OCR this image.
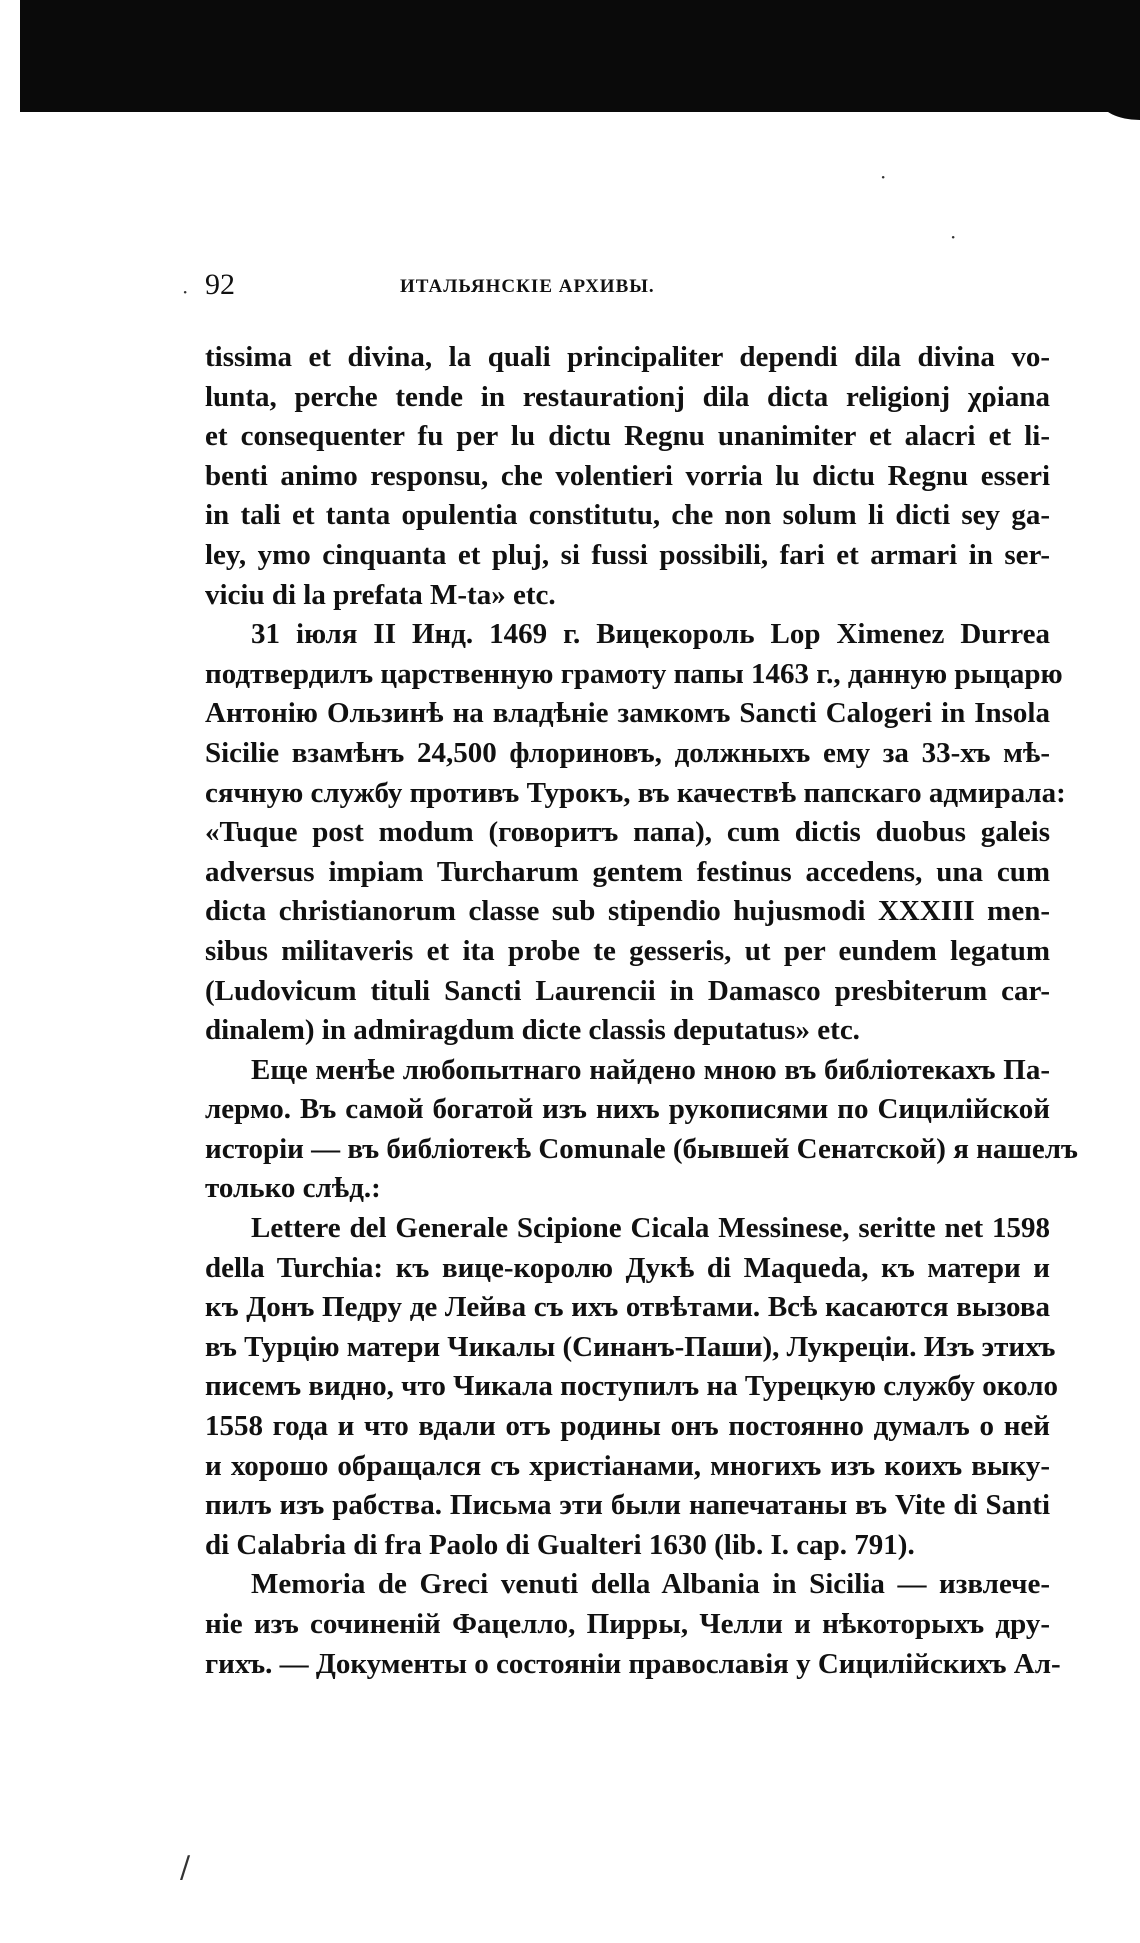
92	ИТАЛЬЯНСКІЕ АРХИВЫ.
tissima et divina, la quali principaliter dependi dila divina vo-
lunta, perche tende in restaurationj dila dicta religionj χρiana
et consequenter fu per lu dictu Regnu unanimiter et alacri et li-
benti animo responsu, che volentieri vorria lu dictu Regnu esseri
in tali et tanta opulentia constitutu, che non solum li dicti sey ga-
ley, ymo cinquanta et pluj, si fussi possibili, fari et armari in ser-
viciu di la prefata M-ta» etc.
31 іюля II Инд. 1469 г. Вицекороль Lop Ximenez Durrea
подтвердилъ царственную грамоту папы 1463 г., данную рыцарю
Антонію Ользинѣ на владѣніе замкомъ Sancti Calogeri in Insola
Sicilie взамѣнъ 24,500 флориновъ, должныхъ ему за 33-хъ мѣ-
сячную службу противъ Турокъ, въ качествѣ папскаго адмирала:
«Tuque post modum (говоритъ папа), cum dictis duobus galeis
adversus impiam Turcharum gentem festinus accedens, una cum
dicta christianorum classe sub stipendio hujusmodi XXXIII men-
sibus militaveris et ita probe te gesseris, ut per eundem legatum
(Ludovicum tituli Sancti Laurencii in Damasco presbiterum car-
dinalem) in admiragdum dicte classis deputatus» etc.
Еще менѣе любопытнаго найдено мною въ библіотекахъ Па-
лермо. Въ самой богатой изъ нихъ рукописями по Сицилійской
исторіи — въ библіотекѣ Comunale (бывшей Сенатской) я нашелъ
только слѣд.:
Lettere del Generale Scipione Cicala Messinese, seritte net 1598
della Turchia: къ вице-королю Дукѣ di Maqueda, къ матери и
къ Донъ Педру де Лейва съ ихъ отвѣтами. Всѣ касаются вызова
въ Турцію матери Чикалы (Синанъ-Паши), Лукреціи. Изъ этихъ
писемъ видно, что Чикала поступилъ на Турецкую службу около
1558 года и что вдали отъ родины онъ постоянно думалъ о ней
и хорошо обращался съ христіанами, многихъ изъ коихъ выку-
пилъ изъ рабства. Письма эти были напечатаны въ Vite di Santi
di Calabria di fra Paolo di Gualteri 1630 (lib. I. cap. 791).
Memoria de Greci venuti della Albania in Sicilia — извлече-
ніе изъ сочиненій Фацелло, Пирры, Челли и нѣкоторыхъ дру-
гихъ. — Документы о состояніи православія у Сицилійскихъ Ал-
·
·
·
/
